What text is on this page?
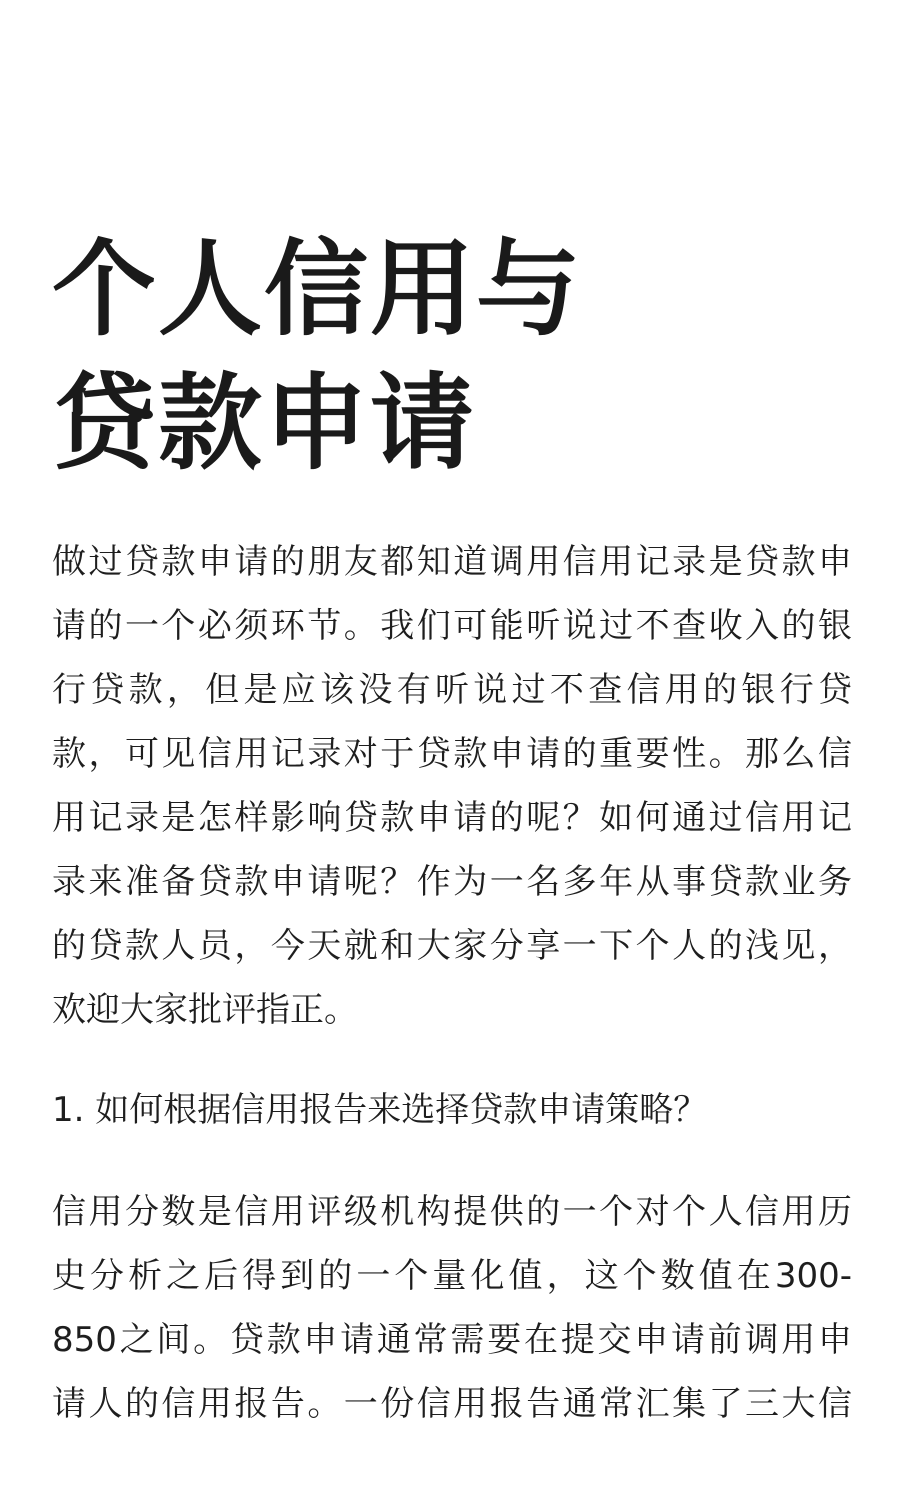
个人信用与
贷款申请

做过贷款申请的朋友都知道调用信用记录是贷款申
请的一个必须环节。我们可能听说过不查收入的银
行贷款，但是应该没有听说过不查信用的银行贷
款，可见信用记录对于贷款申请的重要性。那么信
用记录是怎样影响贷款申请的呢？如何通过信用记
录来准备贷款申请呢？作为一名多年从事贷款业务
的贷款人员，今天就和大家分享一下个人的浅见，
欢迎大家批评指正。

1. 如何根据信用报告来选择贷款申请策略？

信用分数是信用评级机构提供的一个对个人信用历
史分析之后得到的一个量化值，这个数值在300-
850之间。贷款申请通常需要在提交申请前调用申
请人的信用报告。一份信用报告通常汇集了三大信
